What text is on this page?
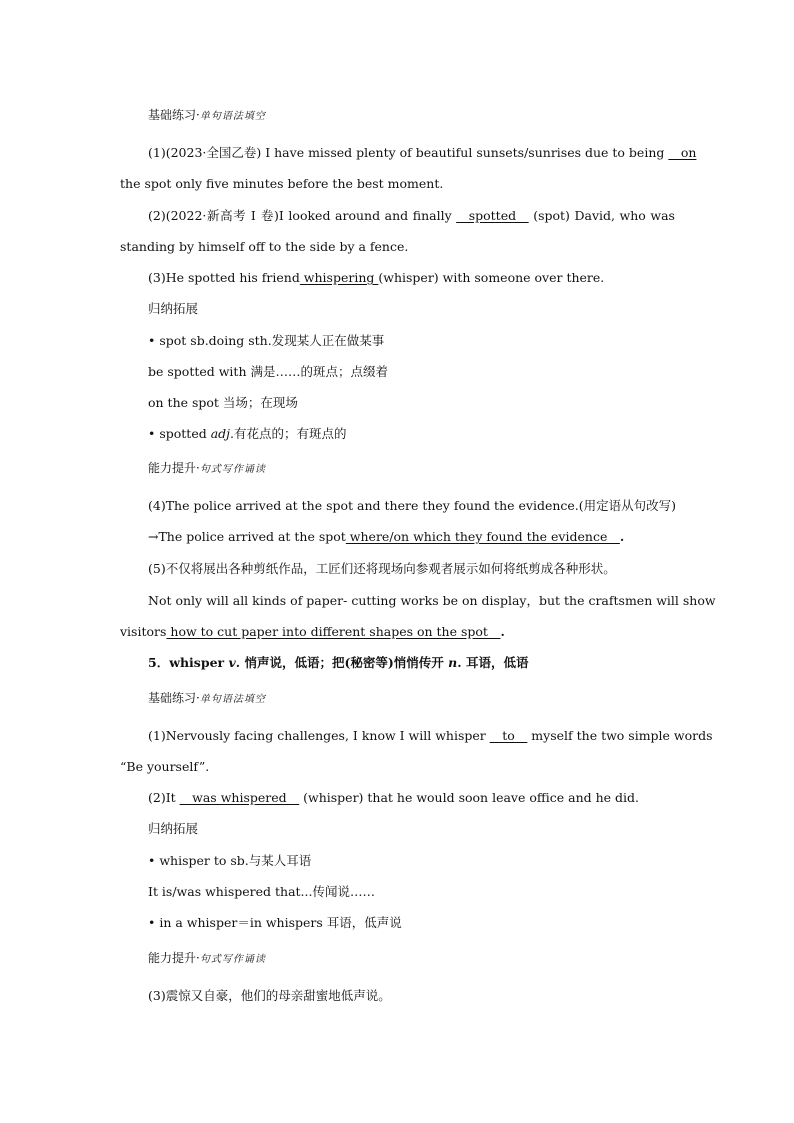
基础练习·单句语法填空
(1)(2023·全国乙卷) I have missed plenty of beautiful sunsets/sunrises due to being __on
the spot only five minutes before the best moment.
(2)(2022·新高考 Ⅰ 卷)I looked around and finally __spotted__ (spot) David, who was
standing by himself off to the side by a fence.
(3)He spotted his friend whispering (whisper) with someone over there.
归纳拓展
• spot sb.doing sth.发现某人正在做某事
be spotted with 满是……的斑点；点缀着
on the spot 当场；在现场
• spotted adj.有花点的；有斑点的
能力提升·句式写作诵读
(4)The police arrived at the spot and there they found the evidence.(用定语从句改写)
→The police arrived at the spot where/on which they found the evidence__.
(5)不仅将展出各种剪纸作品，工匠们还将现场向参观者展示如何将纸剪成各种形状。
Not only will all kinds of paper- cutting works be on display，but the craftsmen will show
visitors how to cut paper into different shapes on the spot__.
5．whisper v. 悄声说，低语；把(秘密等)悄悄传开 n. 耳语，低语
基础练习·单句语法填空
(1)Nervously facing challenges, I know I will whisper __to__ myself the two simple words
“Be yourself”.
(2)It __was whispered__ (whisper) that he would soon leave office and he did.
归纳拓展
• whisper to sb.与某人耳语
It is/was whispered that...传闻说……
• in a whisper＝in whispers 耳语，低声说
能力提升·句式写作诵读
(3)震惊又自豪，他们的母亲甜蜜地低声说。
